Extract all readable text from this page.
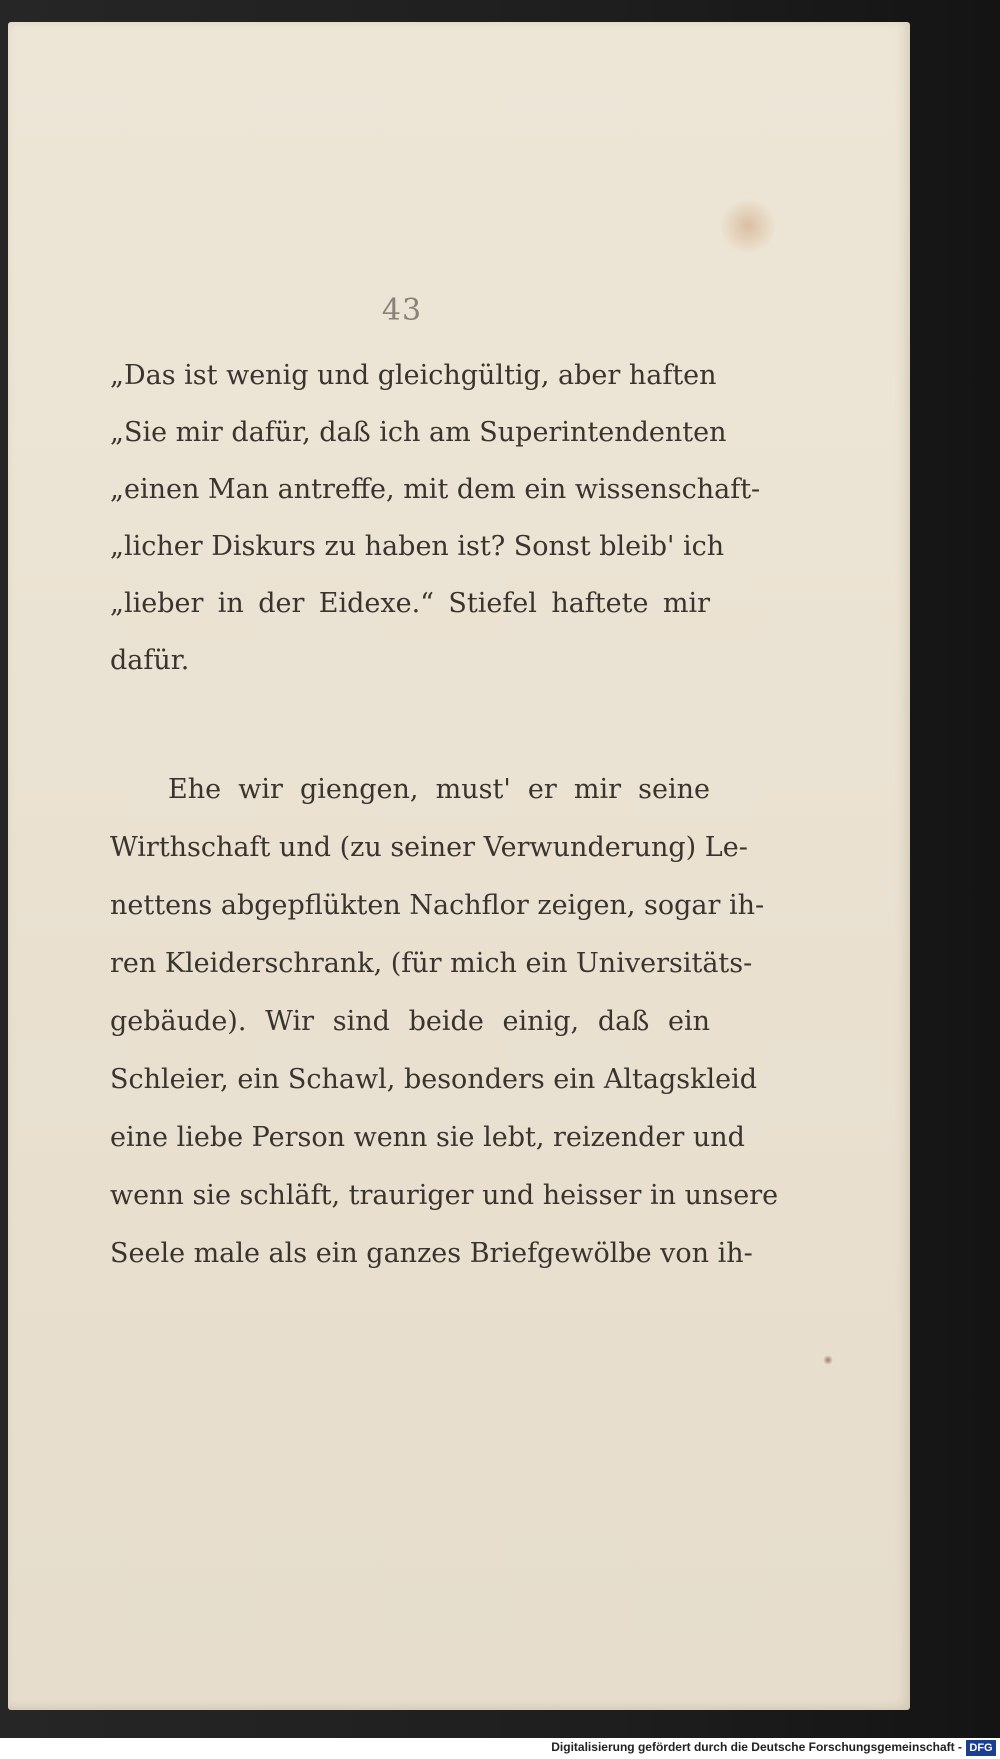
43
„Das ist wenig und gleichgültig, aber haften
„Sie mir dafür, daß ich am Superintendenten
„einen Man antreffe, mit dem ein wissenschaft-
„licher Diskurs zu haben ist? Sonst bleib' ich
„lieber in der Eidexe.“ Stiefel haftete mir
dafür.
Ehe wir giengen, must' er mir seine
Wirthschaft und (zu seiner Verwunderung) Le-
nettens abgepflükten Nachflor zeigen, sogar ih-
ren Kleiderschrank, (für mich ein Universitäts-
gebäude). Wir sind beide einig, daß ein
Schleier, ein Schawl, besonders ein Altagskleid
eine liebe Person wenn sie lebt, reizender und
wenn sie schläft, trauriger und heisser in unsere
Seele male als ein ganzes Briefgewölbe von ih-
Digitalisierung gefördert durch die Deutsche Forschungsgemeinschaft - DFG
